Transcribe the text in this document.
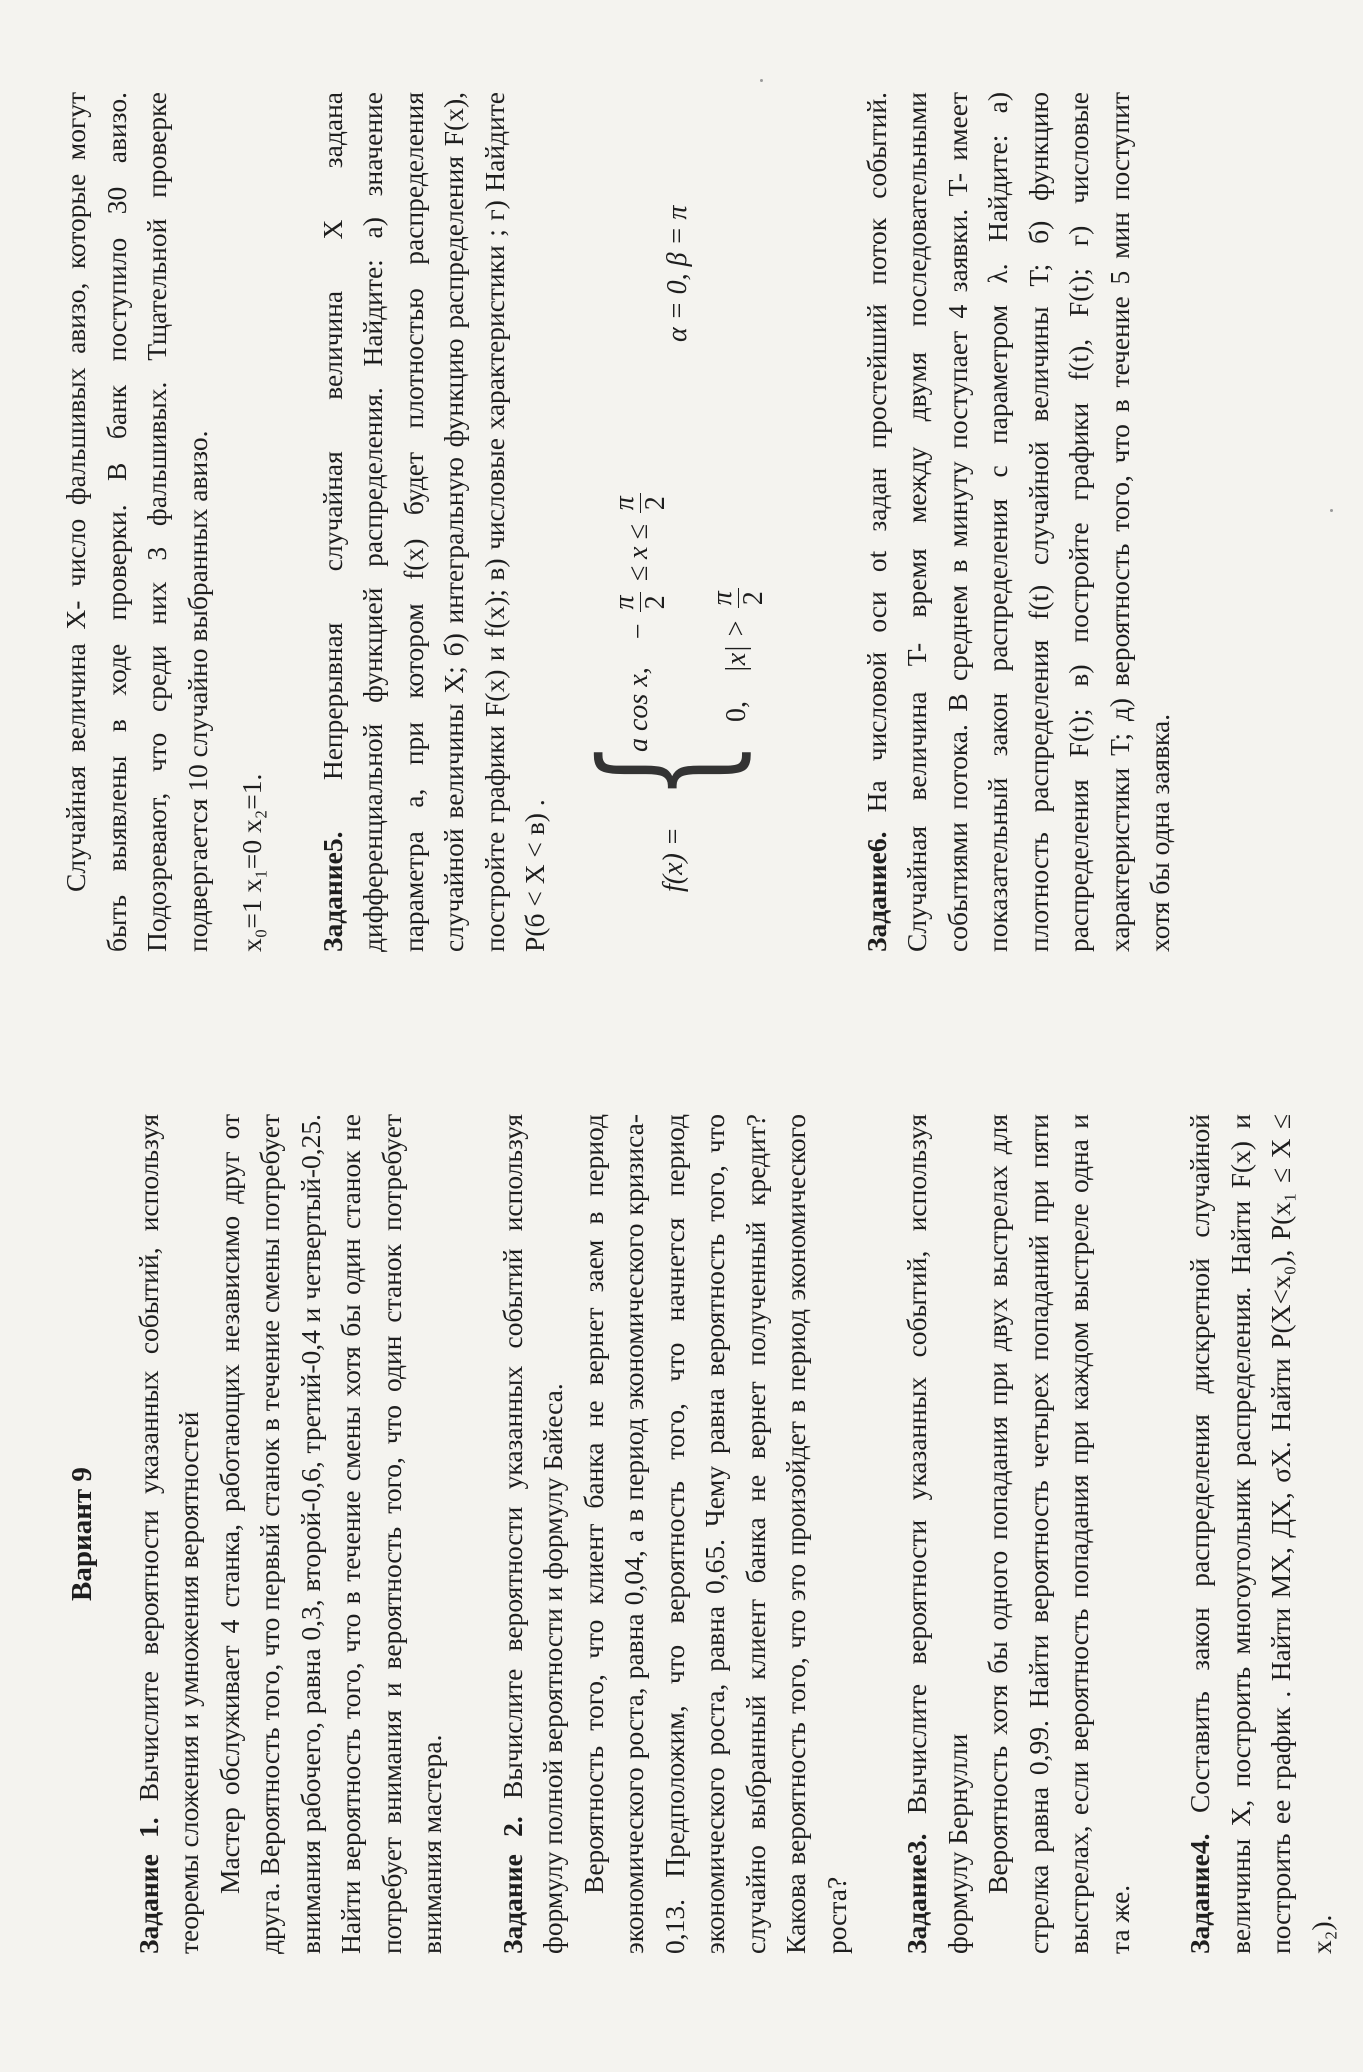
Вариант 9

Задание 1. Вычислите вероятности указанных событий, используя теоремы сложения и умножения вероятностей Мастер обслуживает 4 станка, работающих независимо друг от друга. Вероятность того, что первый станок в течение смены потребует внимания рабочего, равна 0,3, второй-0,6, третий-0,4 и четвертый-0,25. Найти вероятность того, что в течение смены хотя бы один станок не потребует внимания и вероятность того, что один станок потребует внимания мастера. Задание 2. Вычислите вероятности указанных событий используя формулу полной вероятности и формулу Байеса. Вероятность того, что клиент банка не вернет заем в период экономического роста, равна 0,04, а в период экономического кризиса- 0,13. Предположим, что вероятность того, что начнется период экономического роста, равна 0,65. Чему равна вероятность того, что случайно выбранный клиент банка не вернет полученный кредит? Какова вероятность того, что это произойдет в период экономического роста? Задание3. Вычислите вероятности указанных событий, используя формулу Бернулли Вероятность хотя бы одного попадания при двух выстрелах для стрелка равна 0,99. Найти вероятность четырех попаданий при пяти выстрелах, если вероятность попадания при каждом выстреле одна и та же. Задание4. Составить закон распределения дискретной случайной величины X, построить многоугольник распределения. Найти F(x) и построить ее график . Найти MX, ДХ, σХ. Найти P(X<x₀), P(x₁ ≤ X ≤ x₂).

Случайная величина X- число фальшивых авизо, которые могут быть выявлены в ходе проверки. В банк поступило 30 авизо. Подозревают, что среди них 3 фальшивых. Тщательной проверке подвергается 10 случайно выбранных авизо. x₀=1 x₁=0 x₂=1. Задание5. Непрерывная случайная величина X задана дифференциальной функцией распределения. Найдите: а) значение параметра a, при котором f(x) будет плотностью распределения случайной величины X; б) интегральную функцию распределения F(x), постройте графики F(x) и f(x); в) числовые характеристики ; г) Найдите P(б < X < в) .	f(x) =
{
a cos x,    −
π 2
≤ x ≤
π 2
0,    |x| >
π 2
α = 0, β = π

Задание6. На числовой оси оt задан простейший поток событий. Случайная величина T- время между двумя последовательными событиями потока. В среднем в минуту поступает 4 заявки. T- имеет показательный закон распределения с параметром λ. Найдите: а) плотность распределения f(t) случайной величины T; б) функцию распределения F(t); в) постройте графики f(t), F(t); г) числовые характеристики T; д) вероятность того, что в течение 5 мин поступит хотя бы одна заявка.
